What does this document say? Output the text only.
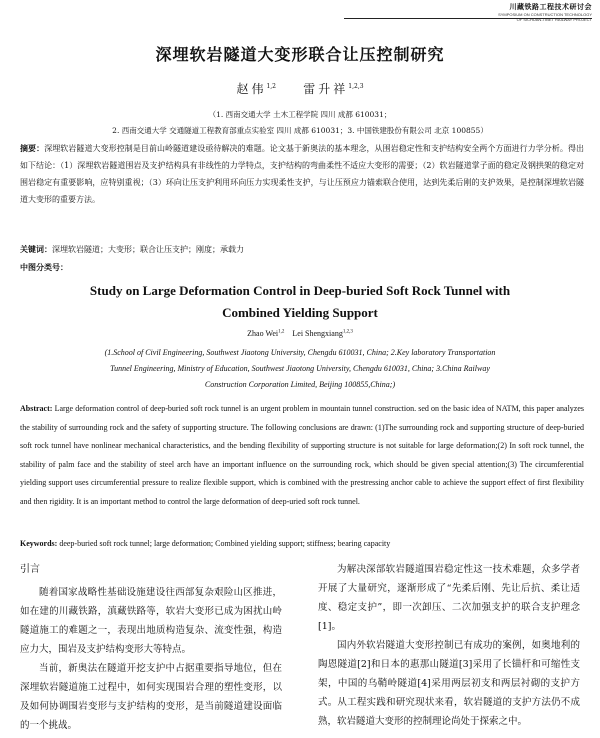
川藏铁路工程技术研讨会
SYMPOSIUM ON CONSTRUCTION TECHNOLOGY
OF SICHUAN-TIBET RAILWAY PROJECT
深埋软岩隧道大变形联合让压控制研究
赵伟$^{1,2}$ 雷升祥$^{1,2,3}$
（1. 西南交通大学 土木工程学院 四川 成都 610031；
2. 西南交通大学 交通隧道工程教育部重点实验室 四川 成都 610031；3. 中国铁建股份有限公司 北京 100855）
摘要：深埋软岩隧道大变形控制是目前山岭隧道建设亟待解决的难题。论文基于新奥法的基本理念，从围岩稳定性和支护结构安全两个方面进行力学分析。得出如下结论：（1）深埋软岩隧道围岩及支护结构具有非线性的力学特点，支护结构的弯曲柔性不适应大变形的需要；（2）软岩隧道掌子面的稳定及钢拱架的稳定对围岩稳定有重要影响，应特别重视；（3）环向让压支护利用环向压力实现柔性支护，与让压预应力锚索联合使用，达到先柔后刚的支护效果，是控制深埋软岩隧道大变形的重要方法。
关键词：深埋软岩隧道；大变形；联合让压支护；刚度；承载力
中图分类号：
Study on Large Deformation Control in Deep-buried Soft Rock Tunnel with
Combined Yielding Support
Zhao Wei$^{1,2}$ Lei Shengxiang$^{1,2,3}$
(1.School of Civil Engineering, Southwest Jiaotong University, Chengdu 610031, China; 2.Key laboratory Transportation
Tunnel Engineering, Ministry of Education, Southwest Jiaotong University, Chengdu 610031, China; 3.China Railway
Construction Corporation Limited, Beijing 100855,China;)
Abstract: Large deformation control of deep-buried soft rock tunnel is an urgent problem in mountain tunnel construction. sed on the basic idea of NATM, this paper analyzes the stability of surrounding rock and the safety of supporting structure. The following conclusions are drawn: (1)The surrounding rock and supporting structure of deep-buried soft rock tunnel have nonlinear mechanical characteristics, and the bending flexibility of supporting structure is not suitable for large deformation;(2) In soft rock tunnel, the stability of palm face and the stability of steel arch have an important influence on the surrounding rock, which should be given special attention;(3) The circumferential yielding support uses circumferential pressure to realize flexible support, which is combined with the prestressing anchor cable to achieve the support effect of first flexibility and then rigidity. It is an important method to control the large deformation of deep-uried soft rock tunnel.
Keywords: deep-buried soft rock tunnel; large deformation; Combined yielding support; stiffness; bearing capacity
引言

随着国家战略性基础设施建设往西部复杂艰险山区推进，如在建的川藏铁路，滇藏铁路等，软岩大变形已成为困扰山岭隧道施工的难题之一，表现出地质构造复杂、流变性强，构造应力大，围岩及支护结构变形大等特点。

当前，新奥法在隧道开挖支护中占据重要指导地位，但在深埋软岩隧道施工过程中，如何实现围岩合理的塑性变形，以及如何协调围岩变形与支护结构的变形，是当前隧道建设面临的一个挑战。

为解决深部软岩隧道围岩稳定性这一技术难题，众多学者开展了大量研究，逐渐形成了“先柔后刚、先让后抗、柔让适度、稳定支护”，即一次卸压、二次加强支护的联合支护理念[1]。

国内外软岩隧道大变形控制已有成功的案例，如奥地利的陶恩隧道[2]和日本的惠那山隧道[3]采用了长锚杆和可缩性支架，中国的乌鞘岭隧道[4]采用两层初支和两层衬砌的支护方式。从工程实践和研究现状来看，软岩隧道的支护方法仍不成熟，软岩隧道大变形的控制理论尚处于探索之中。
